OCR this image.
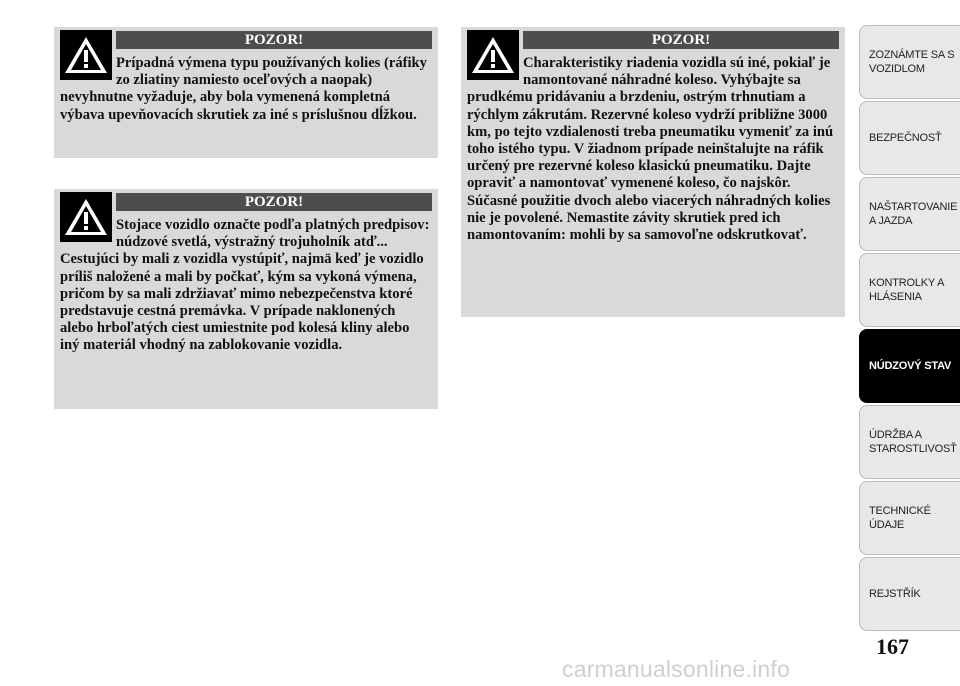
POZOR!

Prípadná výmena typu používaných kolies (ráfiky zo zliatiny namiesto oceľových a naopak) nevyhnutne vyžaduje, aby bola vymenená kompletná výbava upevňovacích skrutiek za iné s príslušnou dĺžkou.

POZOR!

Stojace vozidlo označte podľa platných predpisov: núdzové svetlá, výstražný trojuholník atď... Cestujúci by mali z vozidla vystúpiť, najmä keď je vozidlo príliš naložené a mali by počkať, kým sa vykoná výmena, pričom by sa mali zdržiavať mimo nebezpečenstva ktoré predstavuje cestná premávka. V prípade naklonených alebo hrboľatých ciest umiestnite pod kolesá kliny alebo iný materiál vhodný na zablokovanie vozidla.

POZOR!

Charakteristiky riadenia vozidla sú iné, pokiaľ je namontované náhradné koleso. Vyhýbajte sa prudkému pridávaniu a brzdeniu, ostrým trhnutiam a rýchlym zákrutám. Rezervné koleso vydrží približne 3000 km, po tejto vzdialenosti treba pneumatiku vymeniť za inú toho istého typu. V žiadnom prípade neinštalujte na ráfik určený pre rezervné koleso klasickú pneumatiku. Dajte opraviť a namontovať vymenené koleso, čo najskôr. Súčasné použitie dvoch alebo viacerých náhradných kolies nie je povolené. Nemastite závity skrutiek pred ich namontovaním: mohli by sa samovoľne odskrutkovať.

ZOZNÁMTE SA S VOZIDLOM
BEZPEČNOSŤ
NAŠTARTOVANIE A JAZDA
KONTROLKY A HLÁSENIA
NÚDZOVÝ STAV
ÚDRŽBA A STAROSTLIVOSŤ
TECHNICKÉ ÚDAJE
REJSTŘÍK
167
carmanualsonline.info
